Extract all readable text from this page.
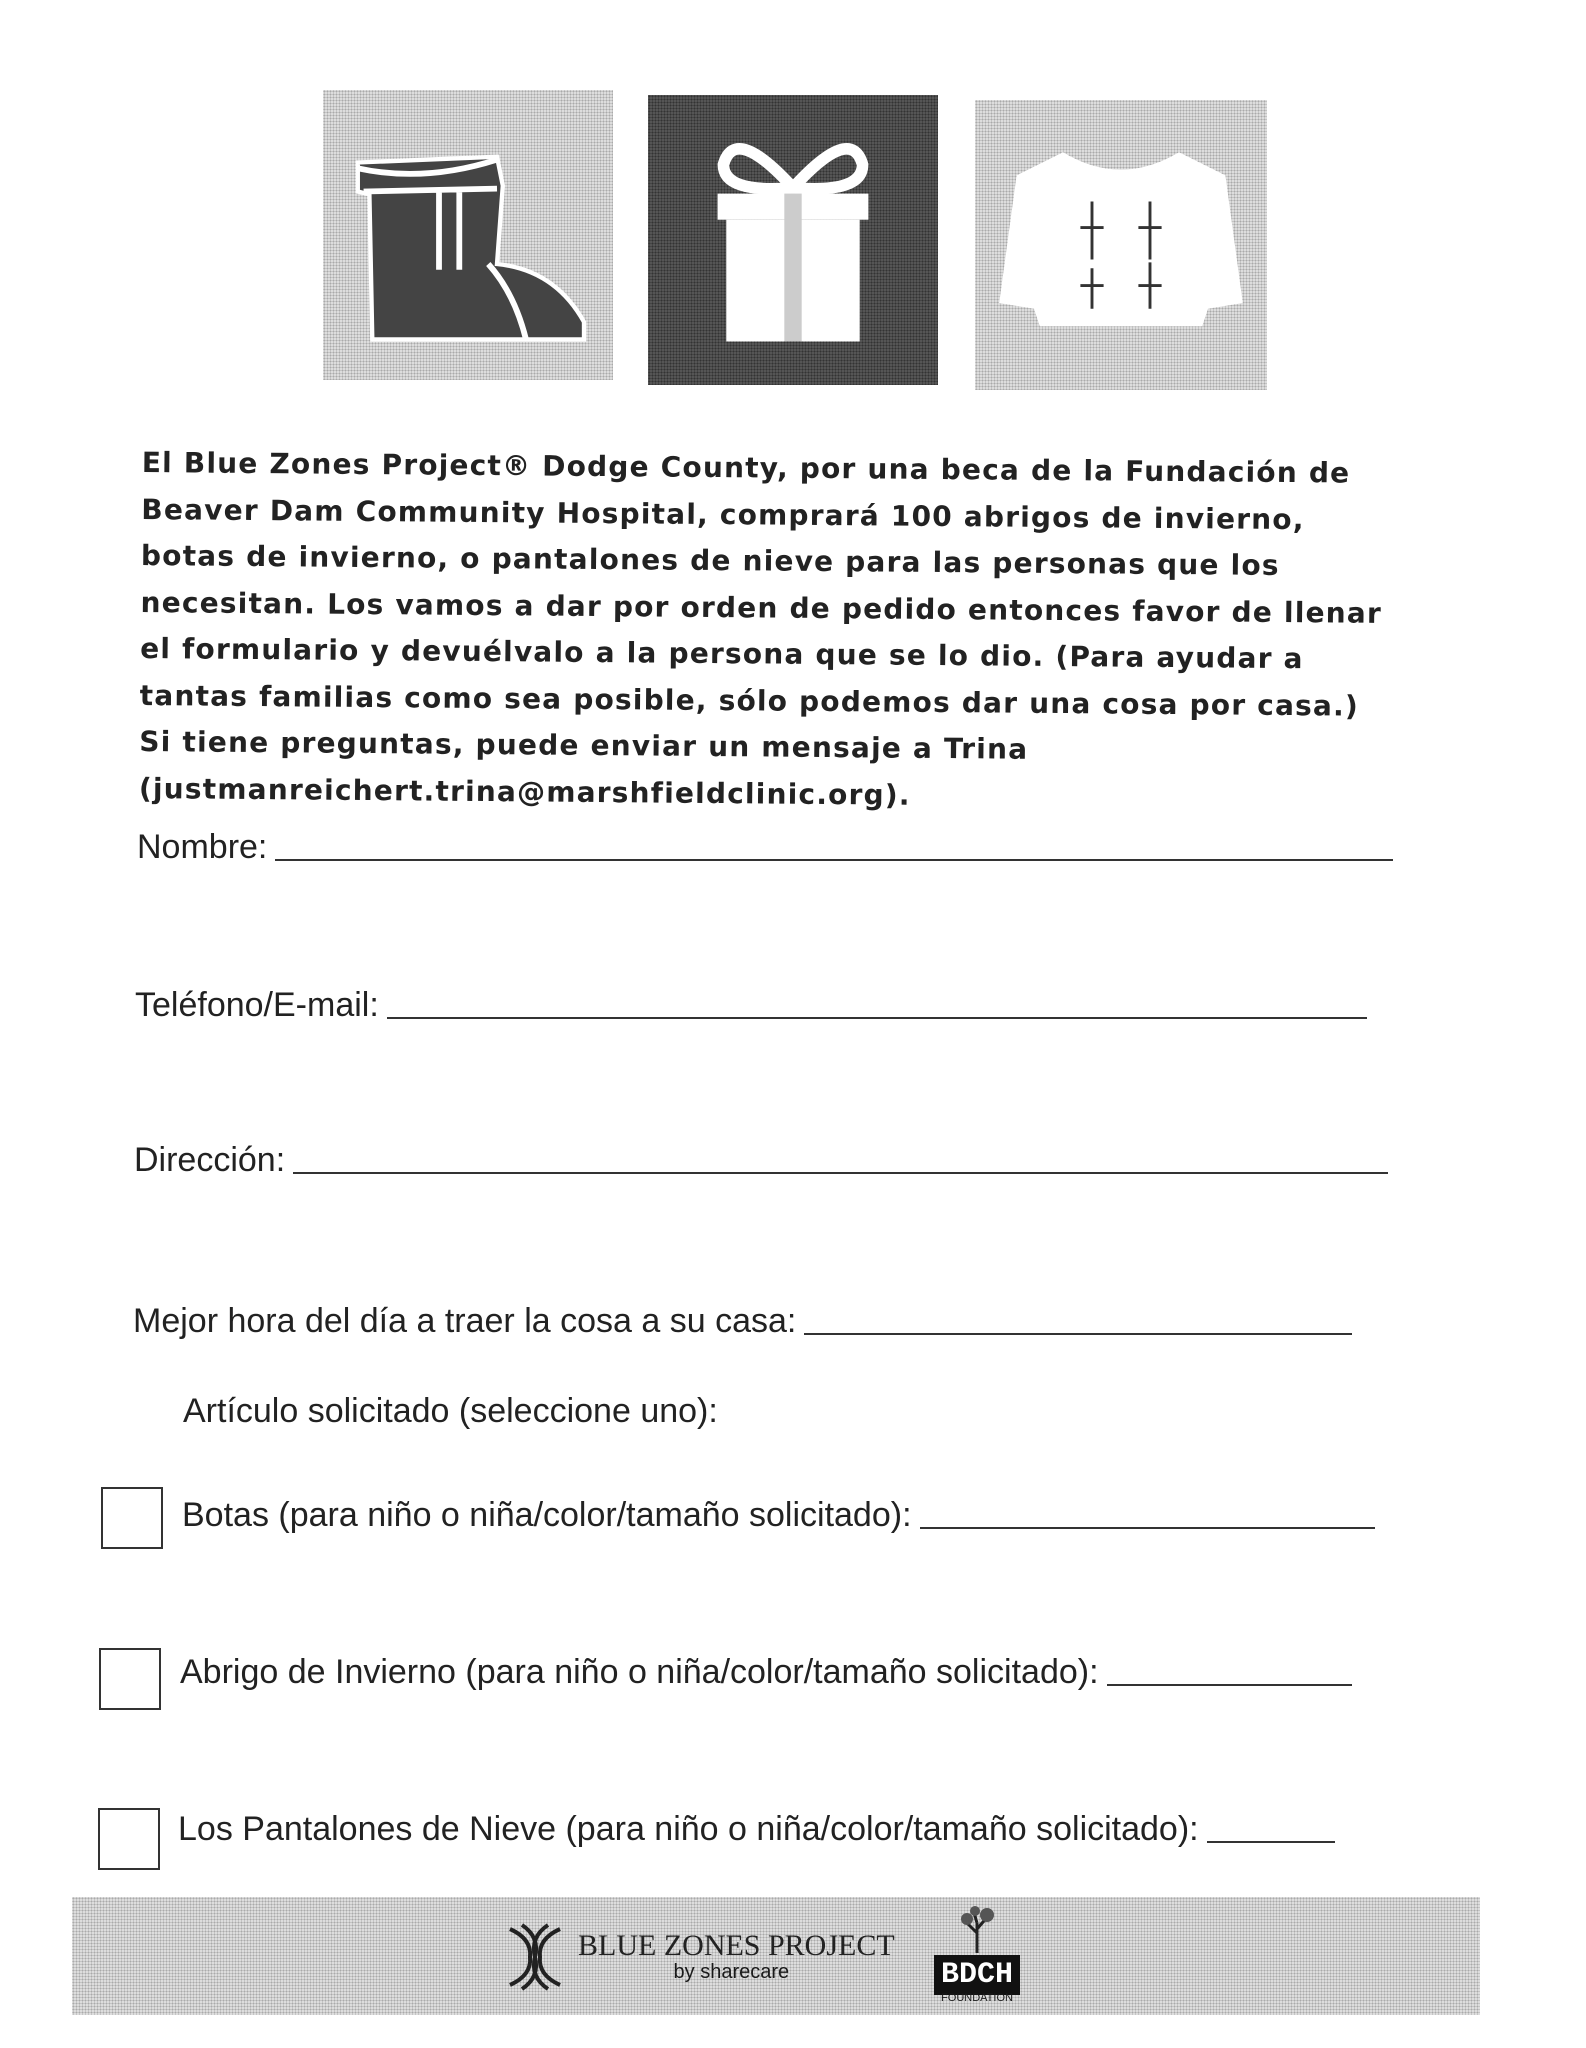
El Blue Zones Project® Dodge County, por una beca de la Fundación de
Beaver Dam Community Hospital, comprará 100 abrigos de invierno,
botas de invierno, o pantalones de nieve para las personas que los
necesitan. Los vamos a dar por orden de pedido entonces favor de llenar
el formulario y devuélvalo a la persona que se lo dio. (Para ayudar a
tantas familias como sea posible, sólo podemos dar una cosa por casa.)
Si tiene preguntas, puede enviar un mensaje a Trina
(justmanreichert.trina@marshfieldclinic.org).
Nombre:
Teléfono/E-mail:
Dirección:
Mejor hora del día a traer la cosa a su casa:
Artículo solicitado (seleccione uno):
Botas (para niño o niña/color/tamaño solicitado):
Abrigo de Invierno (para niño o niña/color/tamaño solicitado):
Los Pantalones de Nieve (para niño o niña/color/tamaño solicitado):
BLUE ZONES PROJECT
by sharecare	BDCH
FOUNDATION
